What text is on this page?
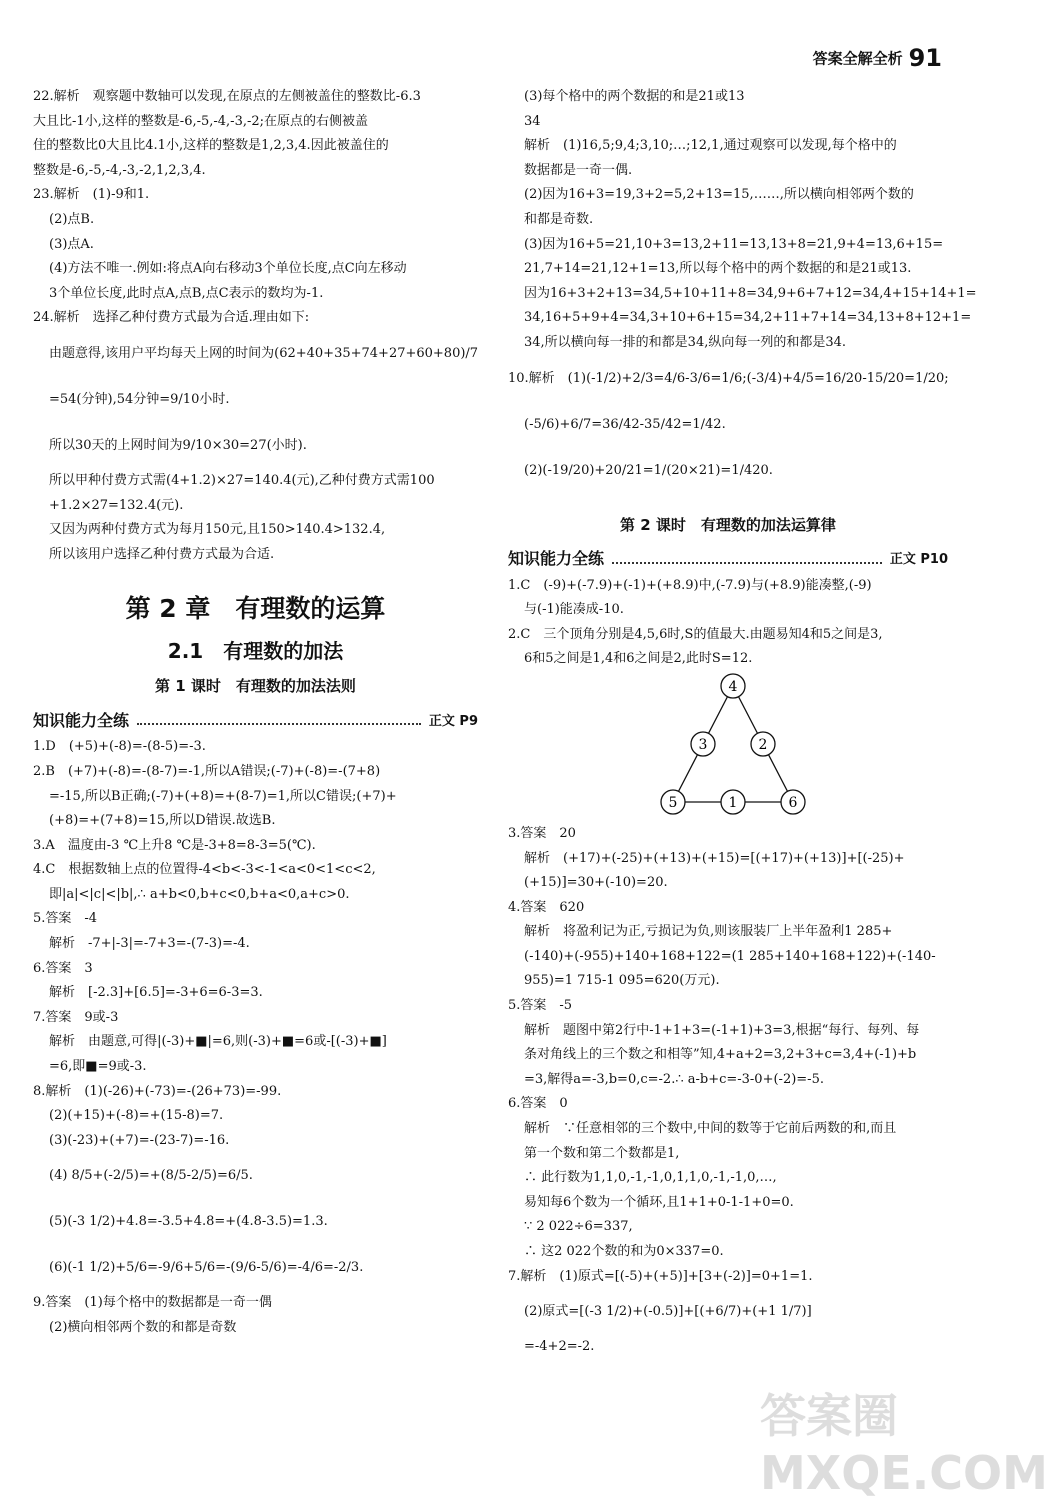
答案全解全析 91
22.解析　观察题中数轴可以发现,在原点的左侧被盖住的整数比-6.3
大且比-1小,这样的整数是-6,-5,-4,-3,-2;在原点的右侧被盖
住的整数比0大且比4.1小,这样的整数是1,2,3,4.因此被盖住的
整数是-6,-5,-4,-3,-2,1,2,3,4.
23.解析　(1)-9和1.
(2)点B.
(3)点A.
(4)方法不唯一.例如:将点A向右移动3个单位长度,点C向左移动
3个单位长度,此时点A,点B,点C表示的数均为-1.
24.解析　选择乙种付费方式最为合适.理由如下:
由题意得,该用户平均每天上网的时间为(62+40+35+74+27+60+80)/7
=54(分钟),54分钟=9/10小时.
所以30天的上网时间为9/10×30=27(小时).
所以甲种付费方式需(4+1.2)×27=140.4(元),乙种付费方式需100
+1.2×27=132.4(元).
又因为两种付费方式为每月150元,且150>140.4>132.4,
所以该用户选择乙种付费方式最为合适.
第 2 章　有理数的运算
2.1　有理数的加法
第 1 课时　有理数的加法法则
知识能力全练	正文 P9
1.D　(+5)+(-8)=-(8-5)=-3.
2.B　(+7)+(-8)=-(8-7)=-1,所以A错误;(-7)+(-8)=-(7+8)
=-15,所以B正确;(-7)+(+8)=+(8-7)=1,所以C错误;(+7)+
(+8)=+(7+8)=15,所以D错误.故选B.
3.A　温度由-3 ℃上升8 ℃是-3+8=8-3=5(℃).
4.C　根据数轴上点的位置得-4<b<-3<-1<a<0<1<c<2,
即|a|<|c|<|b|,∴ a+b<0,b+c<0,b+a<0,a+c>0.
5.答案　-4
解析　-7+|-3|=-7+3=-(7-3)=-4.
6.答案　3
解析　[-2.3]+[6.5]=-3+6=6-3=3.
7.答案　9或-3
解析　由题意,可得|(-3)+■|=6,则(-3)+■=6或-[(-3)+■]
=6,即■=9或-3.
8.解析　(1)(-26)+(-73)=-(26+73)=-99.
(2)(+15)+(-8)=+(15-8)=7.
(3)(-23)+(+7)=-(23-7)=-16.
(4) 8/5+(-2/5)=+(8/5-2/5)=6/5.
(5)(-3 1/2)+4.8=-3.5+4.8=+(4.8-3.5)=1.3.
(6)(-1 1/2)+5/6=-9/6+5/6=-(9/6-5/6)=-4/6=-2/3.
9.答案　(1)每个格中的数据都是一奇一偶
(2)横向相邻两个数的和都是奇数
(3)每个格中的两个数据的和是21或13
34
解析　(1)16,5;9,4;3,10;…;12,1,通过观察可以发现,每个格中的
数据都是一奇一偶.
(2)因为16+3=19,3+2=5,2+13=15,……,所以横向相邻两个数的
和都是奇数.
(3)因为16+5=21,10+3=13,2+11=13,13+8=21,9+4=13,6+15=
21,7+14=21,12+1=13,所以每个格中的两个数据的和是21或13.
因为16+3+2+13=34,5+10+11+8=34,9+6+7+12=34,4+15+14+1=
34,16+5+9+4=34,3+10+6+15=34,2+11+7+14=34,13+8+12+1=
34,所以横向每一排的和都是34,纵向每一列的和都是34.
10.解析　(1)(-1/2)+2/3=4/6-3/6=1/6;(-3/4)+4/5=16/20-15/20=1/20;
(-5/6)+6/7=36/42-35/42=1/42.
(2)(-19/20)+20/21=1/(20×21)=1/420.
第 2 课时　有理数的加法运算律
知识能力全练	正文 P10
1.C　(-9)+(-7.9)+(-1)+(+8.9)中,(-7.9)与(+8.9)能凑整,(-9)
与(-1)能凑成-10.
2.C　三个顶角分别是4,5,6时,S的值最大.由题易知4和5之间是3,
6和5之间是1,4和6之间是2,此时S=12.
4
3	2
5	1	6
3.答案　20
解析　(+17)+(-25)+(+13)+(+15)=[(+17)+(+13)]+[(-25)+
(+15)]=30+(-10)=20.
4.答案　620
解析　将盈利记为正,亏损记为负,则该服装厂上半年盈利1 285+
(-140)+(-955)+140+168+122=(1 285+140+168+122)+(-140-
955)=1 715-1 095=620(万元).
5.答案　-5
解析　题图中第2行中-1+1+3=(-1+1)+3=3,根据“每行、每列、每
条对角线上的三个数之和相等”知,4+a+2=3,2+3+c=3,4+(-1)+b
=3,解得a=-3,b=0,c=-2.∴ a-b+c=-3-0+(-2)=-5.
6.答案　0
解析　∵任意相邻的三个数中,中间的数等于它前后两数的和,而且
第一个数和第二个数都是1,
∴ 此行数为1,1,0,-1,-1,0,1,1,0,-1,-1,0,…,
易知每6个数为一个循环,且1+1+0-1-1+0=0.
∵ 2 022÷6=337,
∴ 这2 022个数的和为0×337=0.
7.解析　(1)原式=[(-5)+(+5)]+[3+(-2)]=0+1=1.
(2)原式=[(-3 1/2)+(-0.5)]+[(+6/7)+(+1 1/7)]
=-4+2=-2.
答案圈 MXQE.COM
